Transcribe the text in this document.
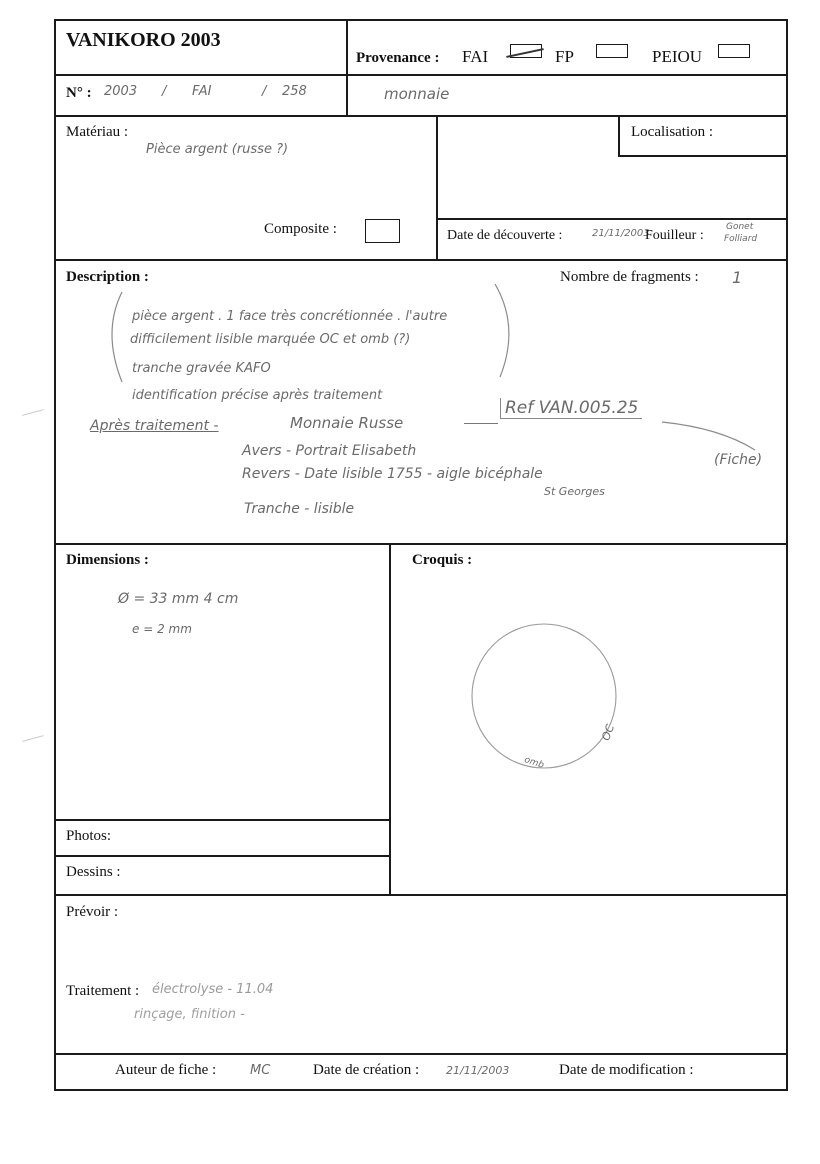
VANIKORO 2003
Provenance : FAI	FP	PEIOU
N° : 2003 / FAI	/ 258	monnaie
Matériau :
Pièce argent (russe ?)
Localisation :
Composite :	Date de découverte :	21/11/2003
Fouilleur :
Gonet
Folliard
Description :	Nombre de fragments : 1
pièce argent . 1 face très concrétionnée . l'autre
difficilement lisible marquée OC et omb (?)
tranche gravée KAFO
identification précise après traitement
Après traitement -	Monnaie Russe
Ref VAN.005.25
Avers - Portrait Elisabeth
Revers - Date lisible 1755 - aigle bicéphale
(Fiche)
St Georges
Tranche - lisible
Dimensions :
Ø = 33 mm 4 cm
e = 2 mm
Croquis :
OC
omb
Photos:
Dessins :
Prévoir :
Traitement : électrolyse - 11.04
rinçage, finition -
Auteur de fiche :	MC	Date de création : 21/11/2003	Date de modification :
